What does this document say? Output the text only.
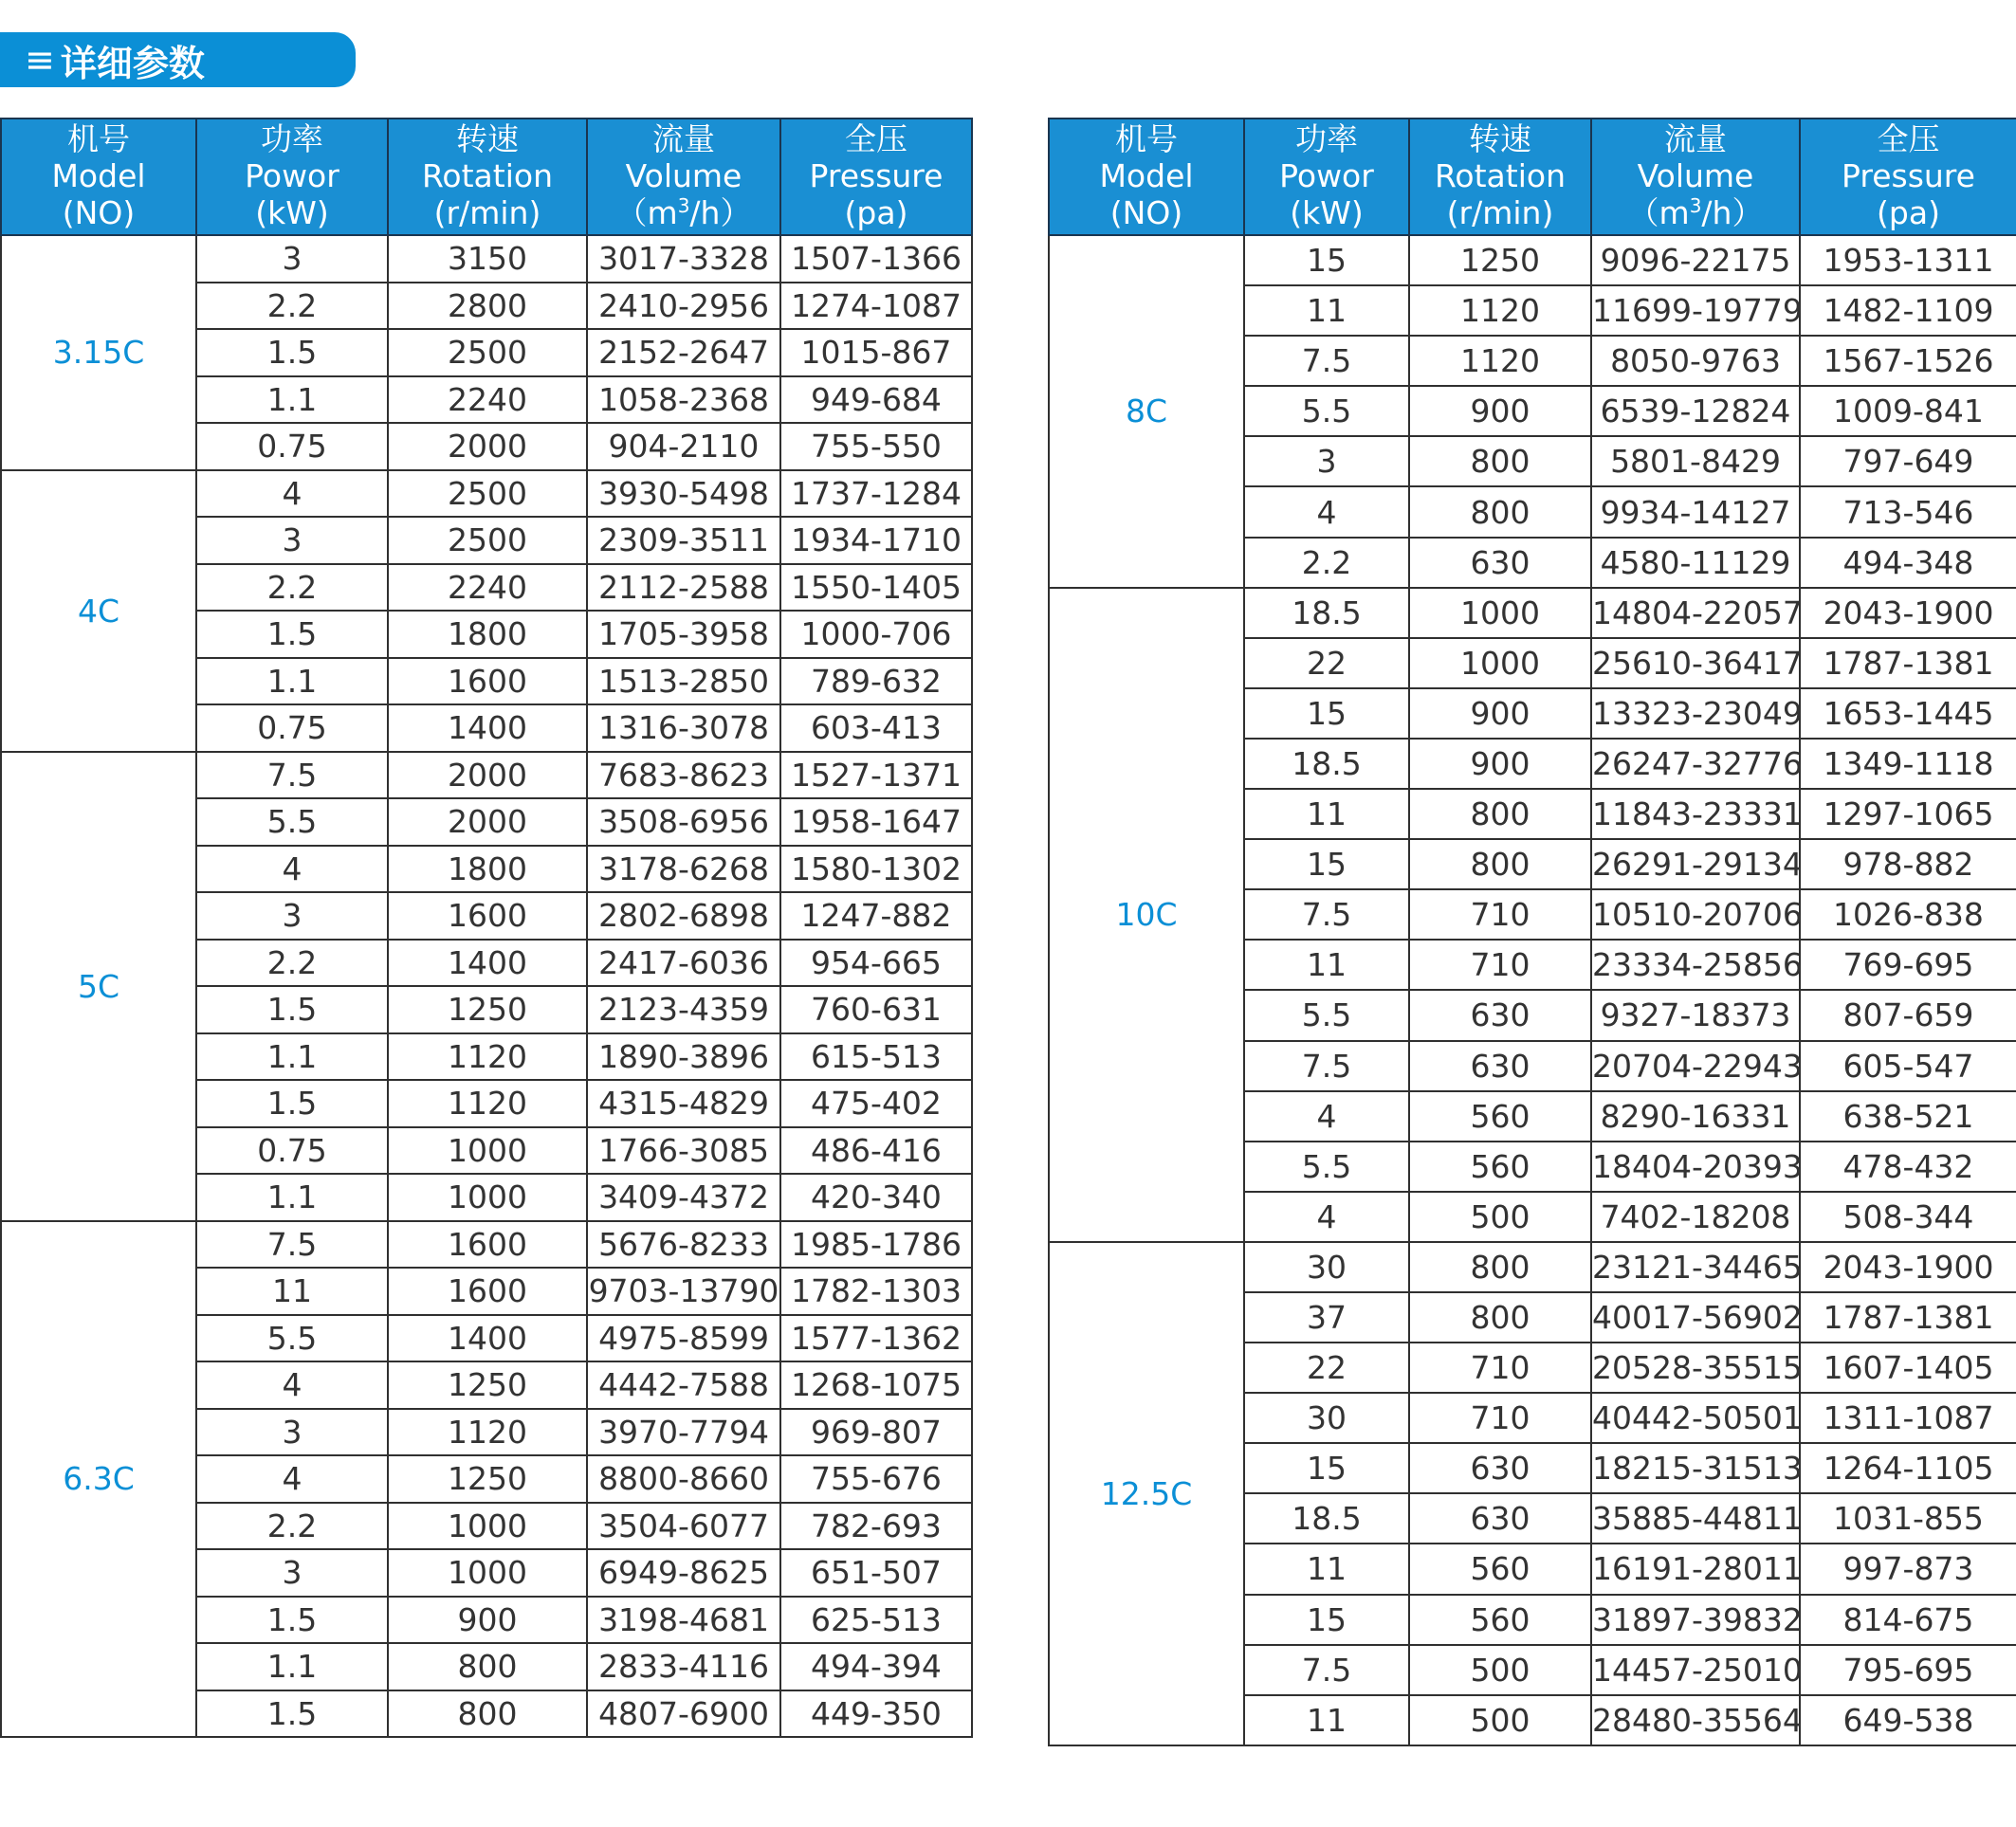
≡ 详细参数
机号
Model
(NO)	功率
Powor
(kW)	转速
Rotation
(r/min)	流量
Volume
$(m^3/h)$	全压
Pressure
(pa)

3.15C	3	3150	3017-3328	1507-1366
	2.2	2800	2410-2956	1274-1087
	1.5	2500	2152-2647	1015-867
	1.1	2240	1058-2368	949-684
	0.75	2000	904-2110	755-550
4C	4	2500	3930-5498	1737-1284
	3	2500	2309-3511	1934-1710
	2.2	2240	2112-2588	1550-1405
	1.5	1800	1705-3958	1000-706
	1.1	1600	1513-2850	789-632
	0.75	1400	1316-3078	603-413
5C	7.5	2000	7683-8623	1527-1371
	5.5	2000	3508-6956	1958-1647
	4	1800	3178-6268	1580-1302
	3	1600	2802-6898	1247-882
	2.2	1400	2417-6036	954-665
	1.5	1250	2123-4359	760-631
	1.1	1120	1890-3896	615-513
	1.5	1120	4315-4829	475-402
	0.75	1000	1766-3085	486-416
	1.1	1000	3409-4372	420-340
6.3C	7.5	1600	5676-8233	1985-1786
	11	1600	9703-13790	1782-1303
	5.5	1400	4975-8599	1577-1362
	4	1250	4442-7588	1268-1075
	3	1120	3970-7794	969-807
	4	1250	8800-8660	755-676
	2.2	1000	3504-6077	782-693
	3	1000	6949-8625	651-507
	1.5	900	3198-4681	625-513
	1.1	800	2833-4116	494-394
	1.5	800	4807-6900	449-350
机号
Model
(NO)	功率
Powor
(kW)	转速
Rotation
(r/min)	流量
Volume
$(m^3/h)$	全压
Pressure
(pa)

8C	15	1250	9096-22175	1953-1311
	11	1120	11699-19779	1482-1109
	7.5	1120	8050-9763	1567-1526
	5.5	900	6539-12824	1009-841
	3	800	5801-8429	797-649
	4	800	9934-14127	713-546
	2.2	630	4580-11129	494-348
10C	18.5	1000	14804-22057	2043-1900
	22	1000	25610-36417	1787-1381
	15	900	13323-23049	1653-1445
	18.5	900	26247-32776	1349-1118
	11	800	11843-23331	1297-1065
	15	800	26291-29134	978-882
	7.5	710	10510-20706	1026-838
	11	710	23334-25856	769-695
	5.5	630	9327-18373	807-659
	7.5	630	20704-22943	605-547
	4	560	8290-16331	638-521
	5.5	560	18404-20393	478-432
	4	500	7402-18208	508-344
12.5C	30	800	23121-34465	2043-1900
	37	800	40017-56902	1787-1381
	22	710	20528-35515	1607-1405
	30	710	40442-50501	1311-1087
	15	630	18215-31513	1264-1105
	18.5	630	35885-44811	1031-855
	11	560	16191-28011	997-873
	15	560	31897-39832	814-675
	7.5	500	14457-25010	795-695
	11	500	28480-35564	649-538
